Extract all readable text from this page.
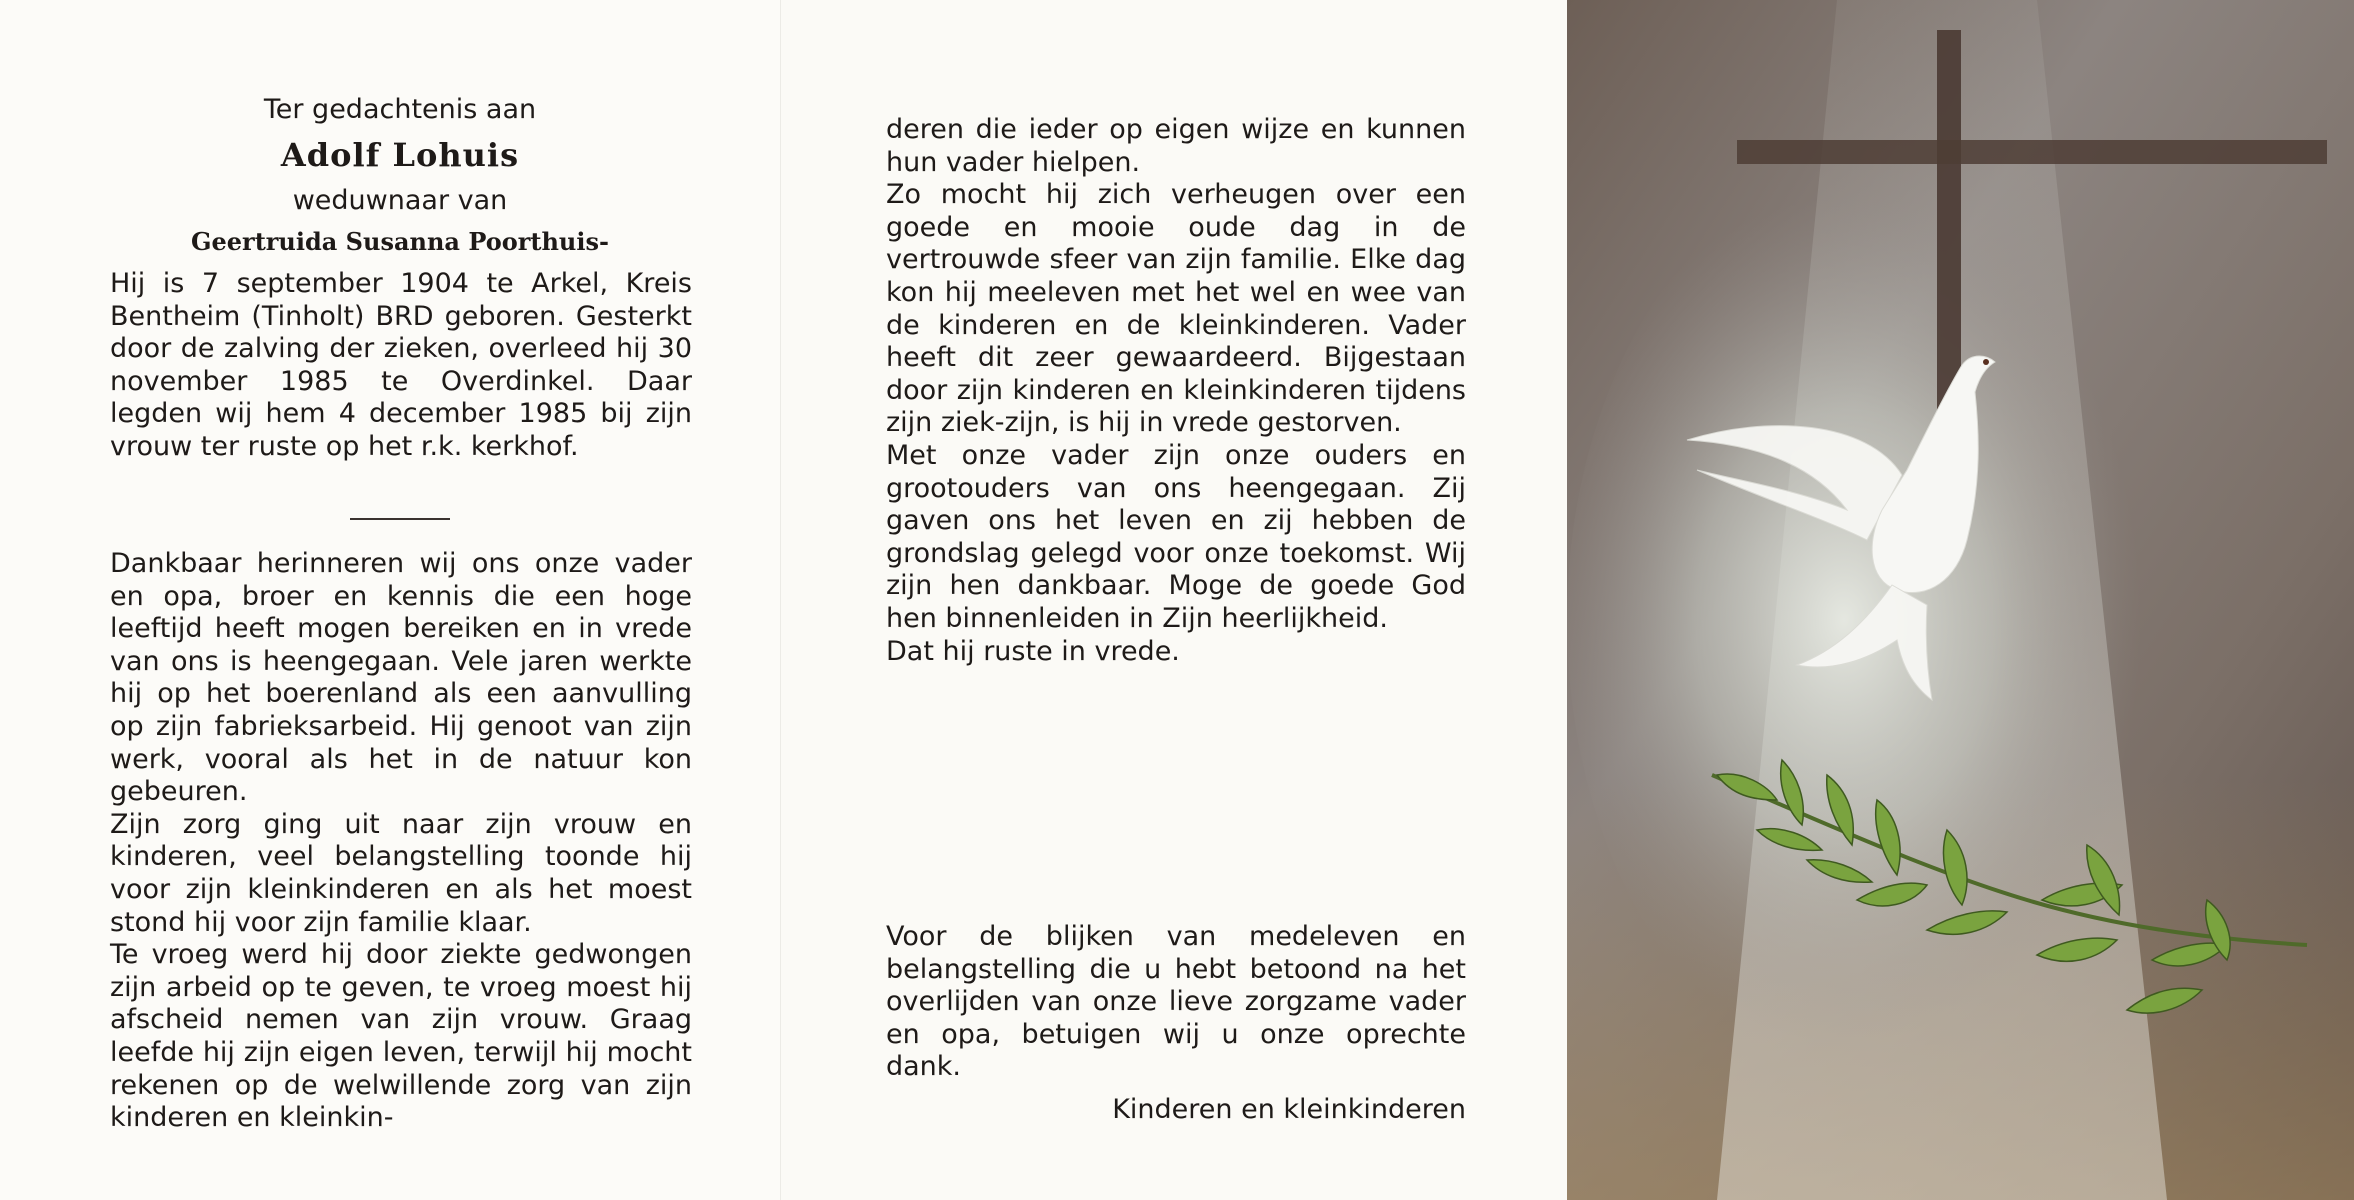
Ter gedachtenis aan
Adolf Lohuis
weduwnaar van
Geertruida Susanna Poorthuis-
Hij is 7 september 1904 te Arkel, Kreis Bentheim (Tinholt) BRD geboren. Gesterkt door de zalving der zieken, overleed hij 30 november 1985 te Overdinkel. Daar legden wij hem 4 december 1985 bij zijn vrouw ter ruste op het r.k. kerkhof.
Dankbaar herinneren wij ons onze vader en opa, broer en kennis die een hoge leeftijd heeft mogen bereiken en in vrede van ons is heengegaan. Vele jaren werkte hij op het boerenland als een aanvulling op zijn fabrieksarbeid. Hij genoot van zijn werk, vooral als het in de natuur kon gebeuren.
Zijn zorg ging uit naar zijn vrouw en kinderen, veel belangstelling toonde hij voor zijn kleinkinderen en als het moest stond hij voor zijn familie klaar.
Te vroeg werd hij door ziekte gedwongen zijn arbeid op te geven, te vroeg moest hij afscheid nemen van zijn vrouw. Graag leefde hij zijn eigen leven, terwijl hij mocht rekenen op de welwillende zorg van zijn kinderen en kleinkin-
deren die ieder op eigen wijze en kunnen hun vader hielpen.
Zo mocht hij zich verheugen over een goede en mooie oude dag in de vertrouwde sfeer van zijn familie. Elke dag kon hij meeleven met het wel en wee van de kinderen en de kleinkinderen. Vader heeft dit zeer gewaardeerd. Bijgestaan door zijn kinderen en kleinkinderen tijdens zijn ziek-zijn, is hij in vrede gestorven.
Met onze vader zijn onze ouders en grootouders van ons heengegaan. Zij gaven ons het leven en zij hebben de grondslag gelegd voor onze toekomst. Wij zijn hen dankbaar. Moge de goede God hen binnenleiden in Zijn heerlijkheid.
Dat hij ruste in vrede.
Voor de blijken van medeleven en belangstelling die u hebt betoond na het overlijden van onze lieve zorgzame vader en opa, betuigen wij u onze oprechte dank.
Kinderen en kleinkinderen
